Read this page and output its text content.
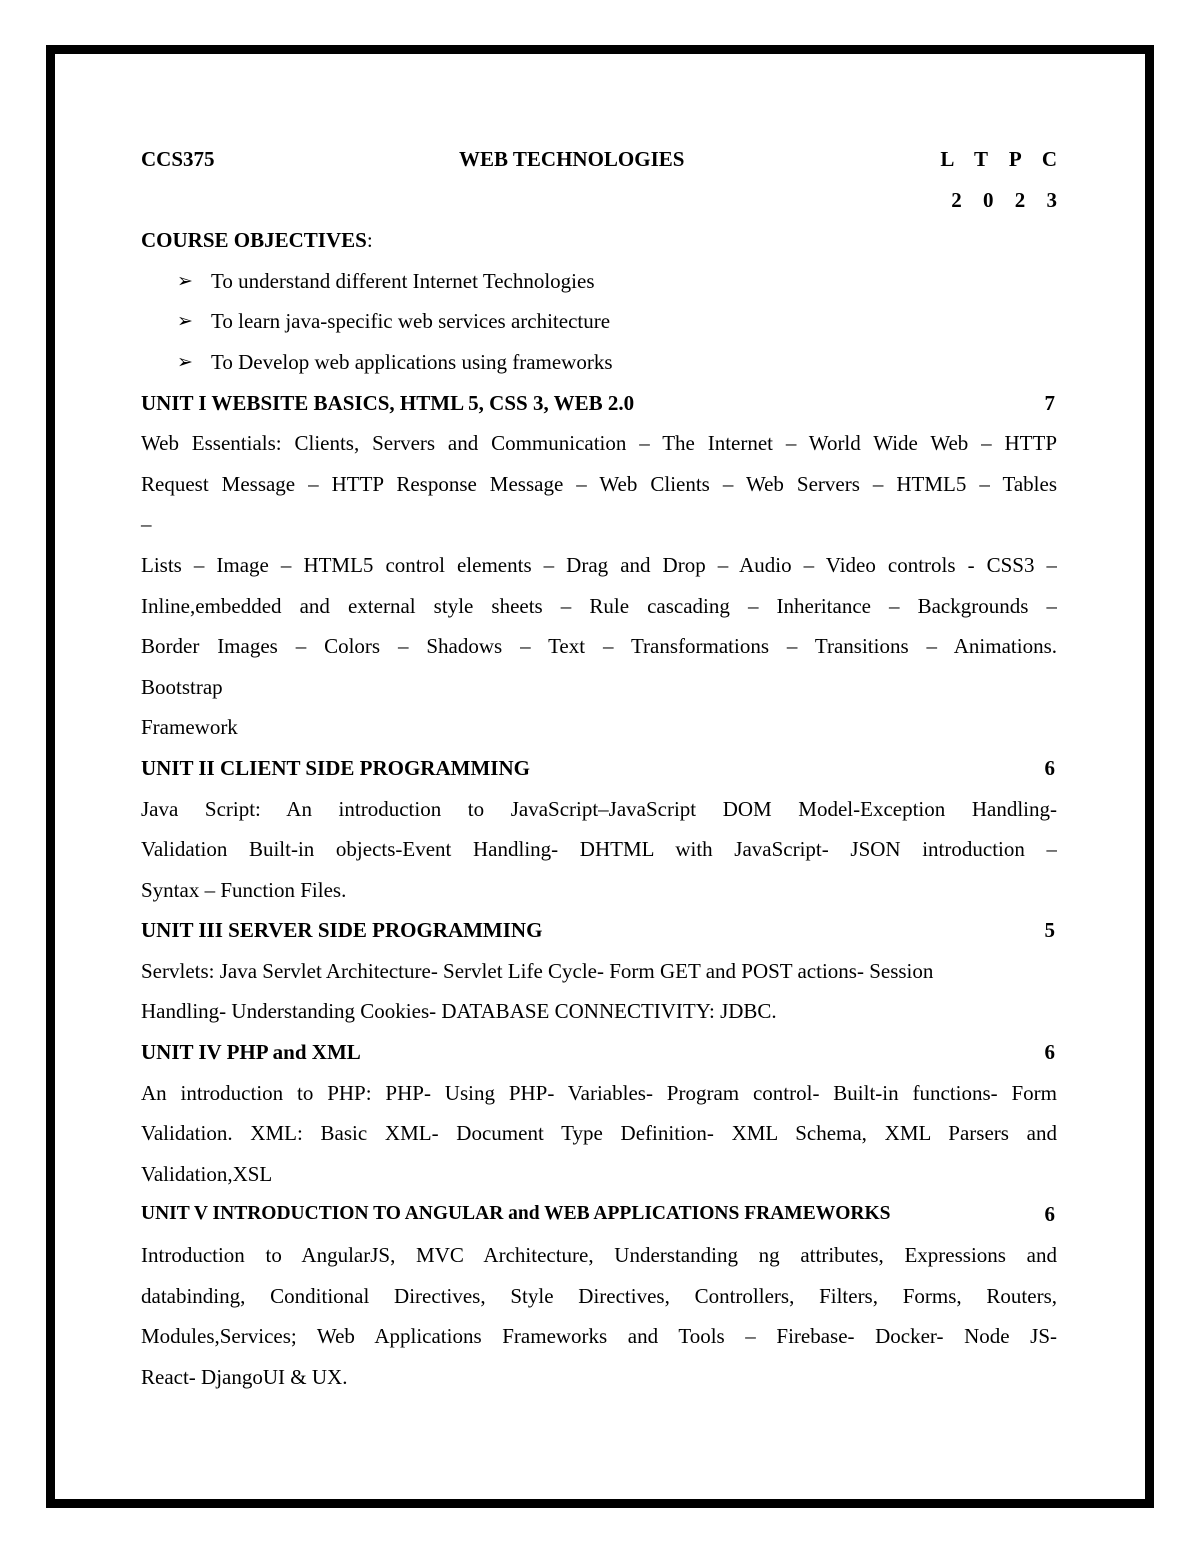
CCS375	WEB TECHNOLOGIES	L T P C
2 0 2 3
COURSE OBJECTIVES:
➢ To understand different Internet Technologies
➢ To learn java-specific web services architecture
➢ To Develop web applications using frameworks
UNIT I WEBSITE BASICS, HTML 5, CSS 3, WEB 2.0	7
Web Essentials: Clients, Servers and Communication – The Internet – World Wide Web – HTTP
Request Message – HTTP Response Message – Web Clients – Web Servers – HTML5 – Tables
–
Lists – Image – HTML5 control elements – Drag and Drop – Audio – Video controls - CSS3 –
Inline,embedded and external style sheets – Rule cascading – Inheritance – Backgrounds –
Border Images – Colors – Shadows – Text – Transformations – Transitions – Animations.
Bootstrap
Framework
UNIT II CLIENT SIDE PROGRAMMING	6
Java Script: An introduction to JavaScript–JavaScript DOM Model-Exception Handling-
Validation Built-in objects-Event Handling- DHTML with JavaScript- JSON introduction –
Syntax – Function Files.
UNIT III SERVER SIDE PROGRAMMING	5
Servlets: Java Servlet Architecture- Servlet Life Cycle- Form GET and POST actions- Session
Handling- Understanding Cookies- DATABASE CONNECTIVITY: JDBC.
UNIT IV PHP and XML	6
An introduction to PHP: PHP- Using PHP- Variables- Program control- Built-in functions- Form
Validation. XML: Basic XML- Document Type Definition- XML Schema, XML Parsers and
Validation,XSL
UNIT V INTRODUCTION TO ANGULAR and WEB APPLICATIONS FRAMEWORKS	6
Introduction to AngularJS, MVC Architecture, Understanding ng attributes, Expressions and
databinding, Conditional Directives, Style Directives, Controllers, Filters, Forms, Routers,
Modules,Services; Web Applications Frameworks and Tools – Firebase- Docker- Node JS-
React- DjangoUI & UX.
